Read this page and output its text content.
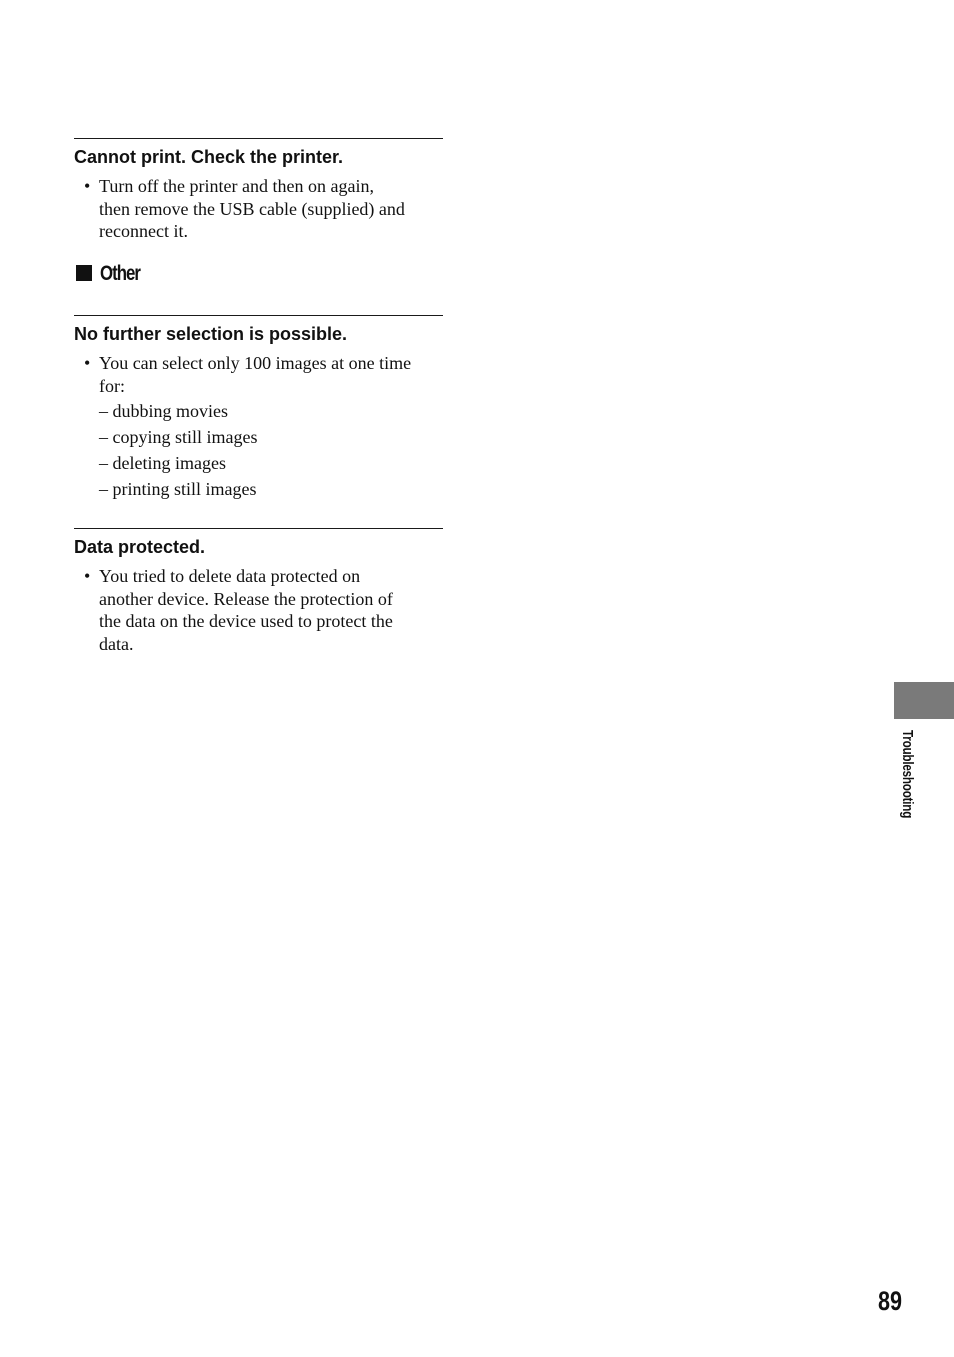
Cannot print. Check the printer.
• Turn off the printer and then on again,
then remove the USB cable (supplied) and
reconnect it.
Other
No further selection is possible.
• You can select only 100 images at one time
for:
– dubbing movies
– copying still images
– deleting images
– printing still images
Data protected.
• You tried to delete data protected on
another device. Release the protection of
the data on the device used to protect the
data.
Troubleshooting
89
